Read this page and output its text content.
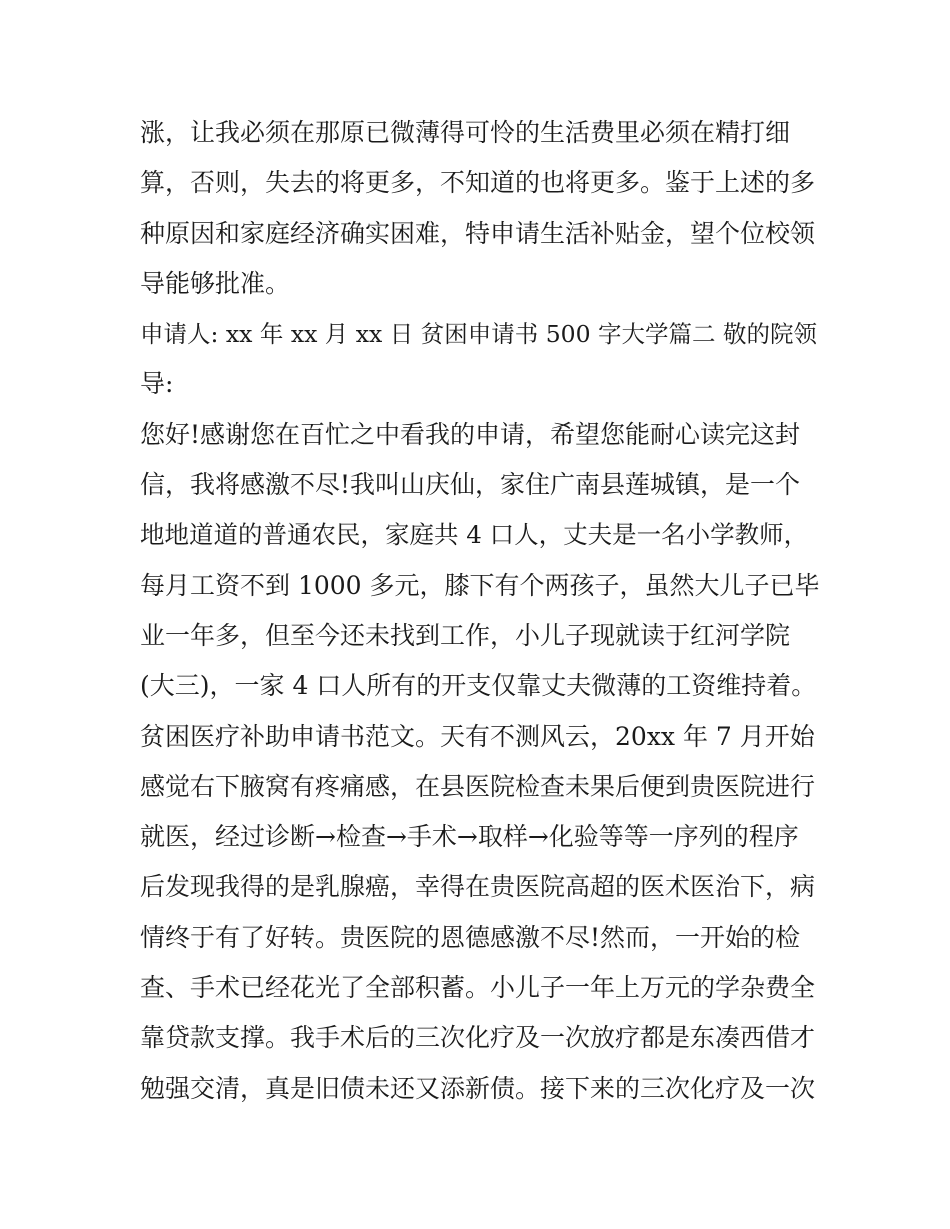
涨，让我必须在那原已微薄得可怜的生活费里必须在精打细
算，否则，失去的将更多，不知道的也将更多。鉴于上述的多
种原因和家庭经济确实困难，特申请生活补贴金，望个位校领
导能够批准。
申请人: xx 年 xx 月 xx 日 贫困申请书 500 字大学篇二 敬的院领
导:
您好!感谢您在百忙之中看我的申请，希望您能耐心读完这封
信，我将感激不尽!我叫山庆仙，家住广南县莲城镇，是一个
地地道道的普通农民，家庭共 4 口人，丈夫是一名小学教师，
每月工资不到 1000 多元，膝下有个两孩子，虽然大儿子已毕
业一年多，但至今还未找到工作，小儿子现就读于红河学院
(大三)，一家 4 口人所有的开支仅靠丈夫微薄的工资维持着。
贫困医疗补助申请书范文。天有不测风云，20xx 年 7 月开始
感觉右下腋窝有疼痛感，在县医院检查未果后便到贵医院进行
就医，经过诊断→检查→手术→取样→化验等等一序列的程序
后发现我得的是乳腺癌，幸得在贵医院高超的医术医治下，病
情终于有了好转。贵医院的恩德感激不尽!然而，一开始的检
查、手术已经花光了全部积蓄。小儿子一年上万元的学杂费全
靠贷款支撑。我手术后的三次化疗及一次放疗都是东凑西借才
勉强交清，真是旧债未还又添新债。接下来的三次化疗及一次
